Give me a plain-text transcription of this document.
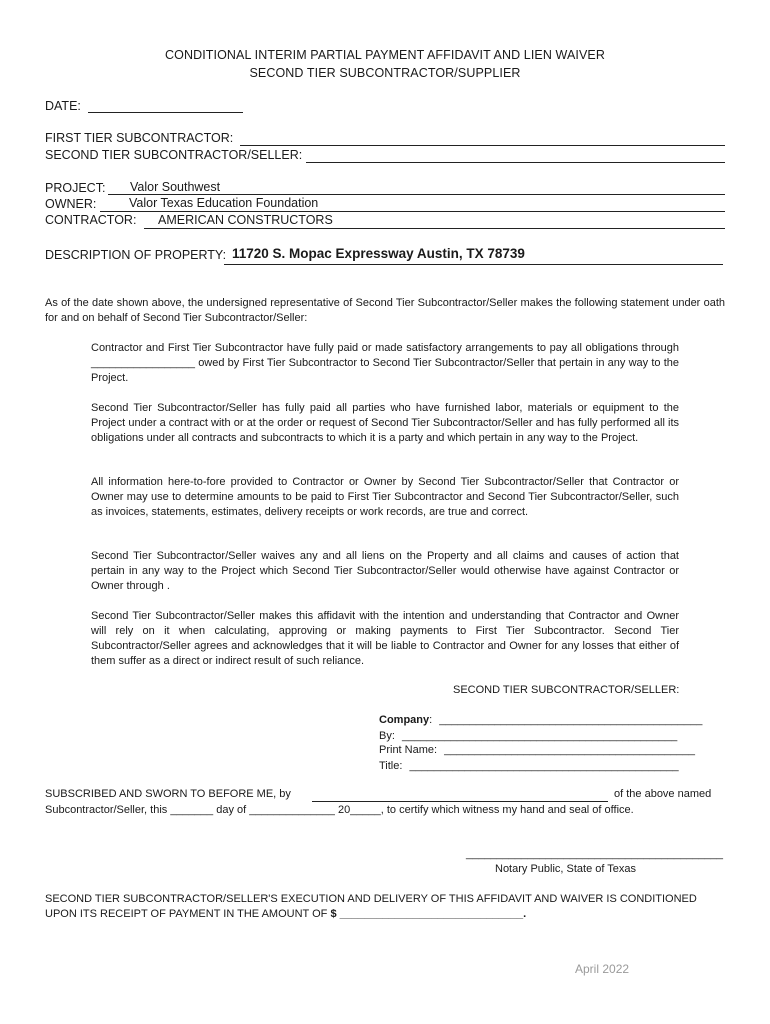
CONDITIONAL INTERIM PARTIAL PAYMENT AFFIDAVIT AND LIEN WAIVER
SECOND TIER SUBCONTRACTOR/SUPPLIER
DATE:
FIRST TIER SUBCONTRACTOR:
SECOND TIER SUBCONTRACTOR/SELLER:
PROJECT: Valor Southwest
OWNER:	Valor Texas Education Foundation
CONTRACTOR: AMERICAN CONSTRUCTORS
DESCRIPTION OF PROPERTY: 11720 S. Mopac Expressway Austin, TX 78739
As of the date shown above, the undersigned representative of Second Tier Subcontractor/Seller makes the following statement under oath for and on behalf of Second Tier Subcontractor/Seller:
Contractor and First Tier Subcontractor have fully paid or made satisfactory arrangements to pay all obligations through _________________ owed by First Tier Subcontractor to Second Tier Subcontractor/Seller that pertain in any way to the Project.
Second Tier Subcontractor/Seller has fully paid all parties who have furnished labor, materials or equipment to the Project under a contract with or at the order or request of Second Tier Subcontractor/Seller and has fully performed all its obligations under all contracts and subcontracts to which it is a party and which pertain in any way to the Project.
All information here-to-fore provided to Contractor or Owner by Second Tier Subcontractor/Seller that Contractor or Owner may use to determine amounts to be paid to First Tier Subcontractor and Second Tier Subcontractor/Seller, such as invoices, statements, estimates, delivery receipts or work records, are true and correct.
Second Tier Subcontractor/Seller waives any and all liens on the Property and all claims and causes of action that pertain in any way to the Project which Second Tier Subcontractor/Seller would otherwise have against Contractor or Owner through .
Second Tier Subcontractor/Seller makes this affidavit with the intention and understanding that Contractor and Owner will rely on it when calculating, approving or making payments to First Tier Subcontractor. Second Tier Subcontractor/Seller agrees and acknowledges that it will be liable to Contractor and Owner for any losses that either of them suffer as a direct or indirect result of such reliance.
SECOND TIER SUBCONTRACTOR/SELLER:
Company: ___________________________________________
By: _____________________________________________
Print Name: _________________________________________
Title: ____________________________________________
SUBSCRIBED AND SWORN TO BEFORE ME, by	of the above named
Subcontractor/Seller, this _______ day of ______________ 20_____, to certify which witness my hand and seal of office.
__________________________________________
Notary Public, State of Texas
SECOND TIER SUBCONTRACTOR/SELLER'S EXECUTION AND DELIVERY OF THIS AFFIDAVIT AND WAIVER IS CONDITIONED
UPON ITS RECEIPT OF PAYMENT IN THE AMOUNT OF $ ______________________________.
April 2022
